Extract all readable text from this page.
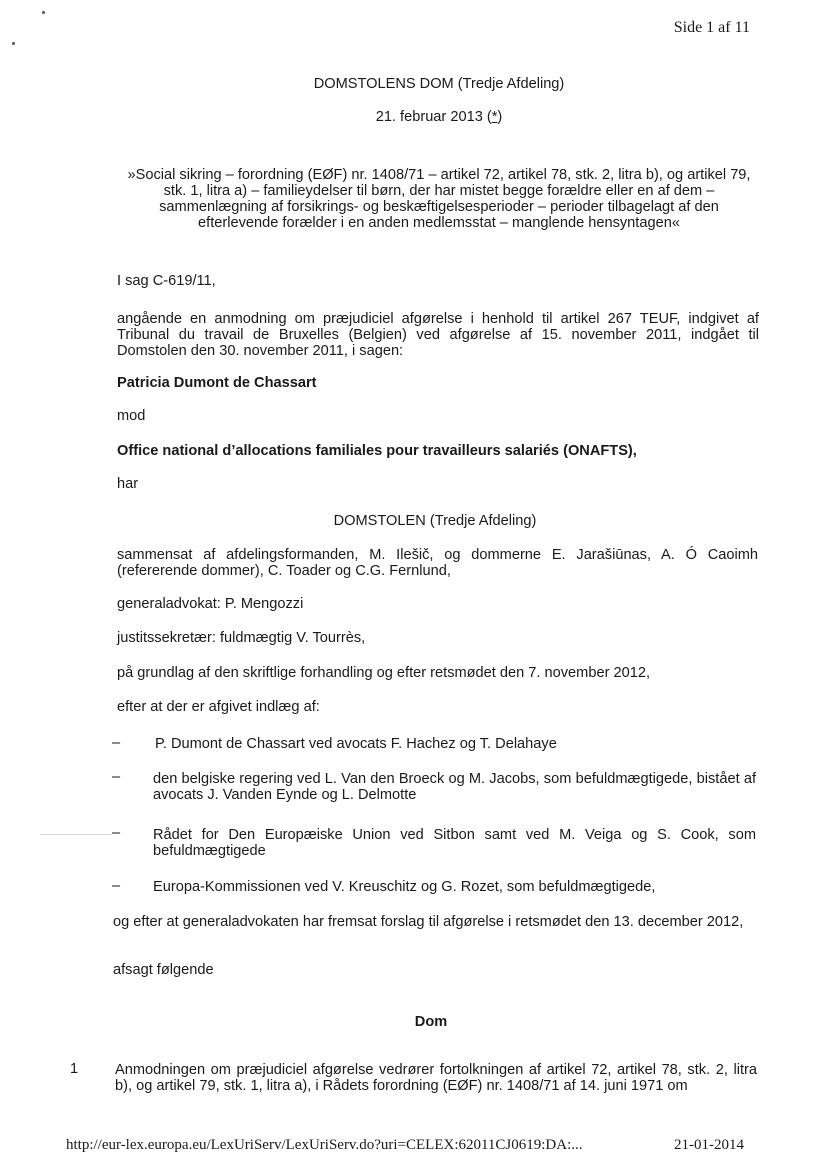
Side 1 af 11
DOMSTOLENS DOM (Tredje Afdeling)
21. februar 2013 (*)
»Social sikring – forordning (EØF) nr. 1408/71 – artikel 72, artikel 78, stk. 2, litra b), og artikel 79, stk. 1, litra a) – familieydelser til børn, der har mistet begge forældre eller en af dem – sammenlægning af forsikrings- og beskæftigelsesperioder – perioder tilbagelagt af den efterlevende forælder i en anden medlemsstat – manglende hensyntagen«
I sag C-619/11,
angående en anmodning om præjudiciel afgørelse i henhold til artikel 267 TEUF, indgivet af Tribunal du travail de Bruxelles (Belgien) ved afgørelse af 15. november 2011, indgået til Domstolen den 30. november 2011, i sagen:
Patricia Dumont de Chassart
mod
Office national d’allocations familiales pour travailleurs salariés (ONAFTS),
har
DOMSTOLEN (Tredje Afdeling)
sammensat af afdelingsformanden, M. Ilešič, og dommerne E. Jarašiūnas, A. Ó Caoimh (refererende dommer), C. Toader og C.G. Fernlund,
generaladvokat: P. Mengozzi
justitssekretær: fuldmægtig V. Tourrès,
på grundlag af den skriftlige forhandling og efter retsmødet den 7. november 2012,
efter at der er afgivet indlæg af:
– P. Dumont de Chassart ved avocats F. Hachez og T. Delahaye
– den belgiske regering ved L. Van den Broeck og M. Jacobs, som befuldmægtigede, bistået af avocats J. Vanden Eynde og L. Delmotte
– Rådet for Den Europæiske Union ved Sitbon samt ved M. Veiga og S. Cook, som befuldmægtigede
– Europa-Kommissionen ved V. Kreuschitz og G. Rozet, som befuldmægtigede,
og efter at generaladvokaten har fremsat forslag til afgørelse i retsmødet den 13. december 2012,
afsagt følgende
Dom
1	Anmodningen om præjudiciel afgørelse vedrører fortolkningen af artikel 72, artikel 78, stk. 2, litra b), og artikel 79, stk. 1, litra a), i Rådets forordning (EØF) nr. 1408/71 af 14. juni 1971 om
http://eur-lex.europa.eu/LexUriServ/LexUriServ.do?uri=CELEX:62011CJ0619:DA:...	21-01-2014
